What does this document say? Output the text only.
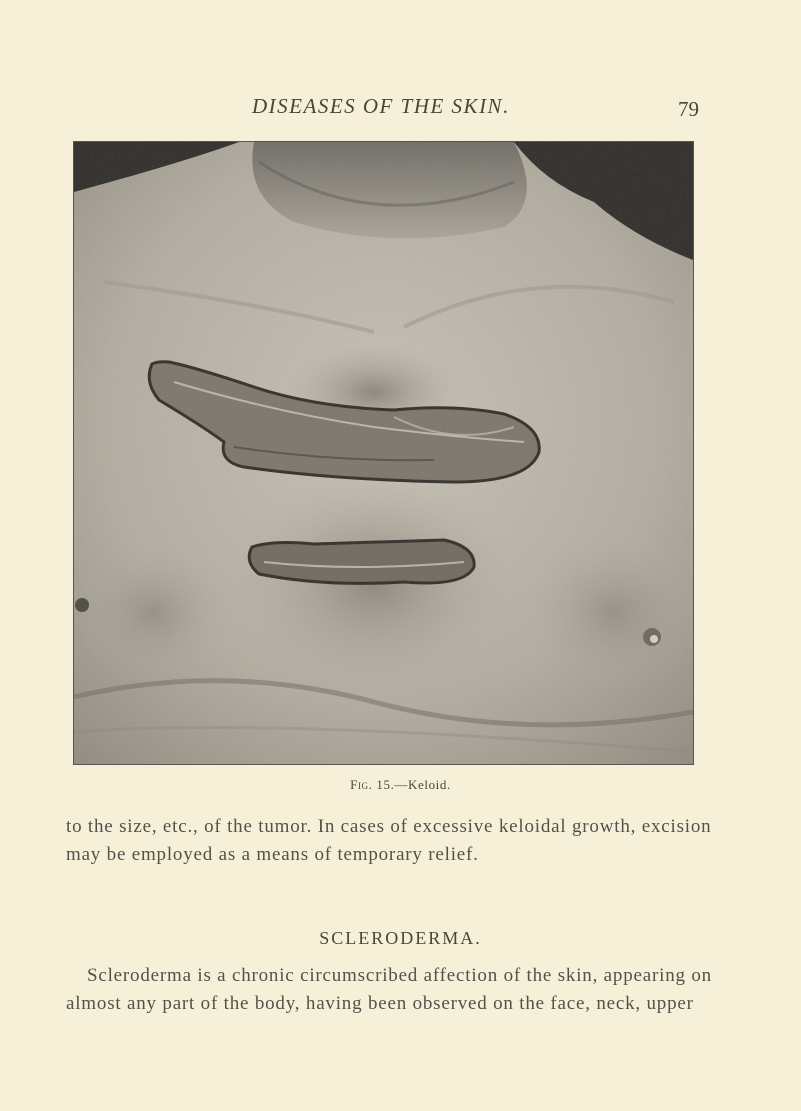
DISEASES OF THE SKIN.	79
Fig. 15.—Keloid.
to the size, etc., of the tumor. In cases of excessive keloidal growth, excision
may be employed as a means of temporary relief.
SCLERODERMA.
Scleroderma is a chronic circumscribed affection of the skin, appearing on
almost any part of the body, having been observed on the face, neck, upper
